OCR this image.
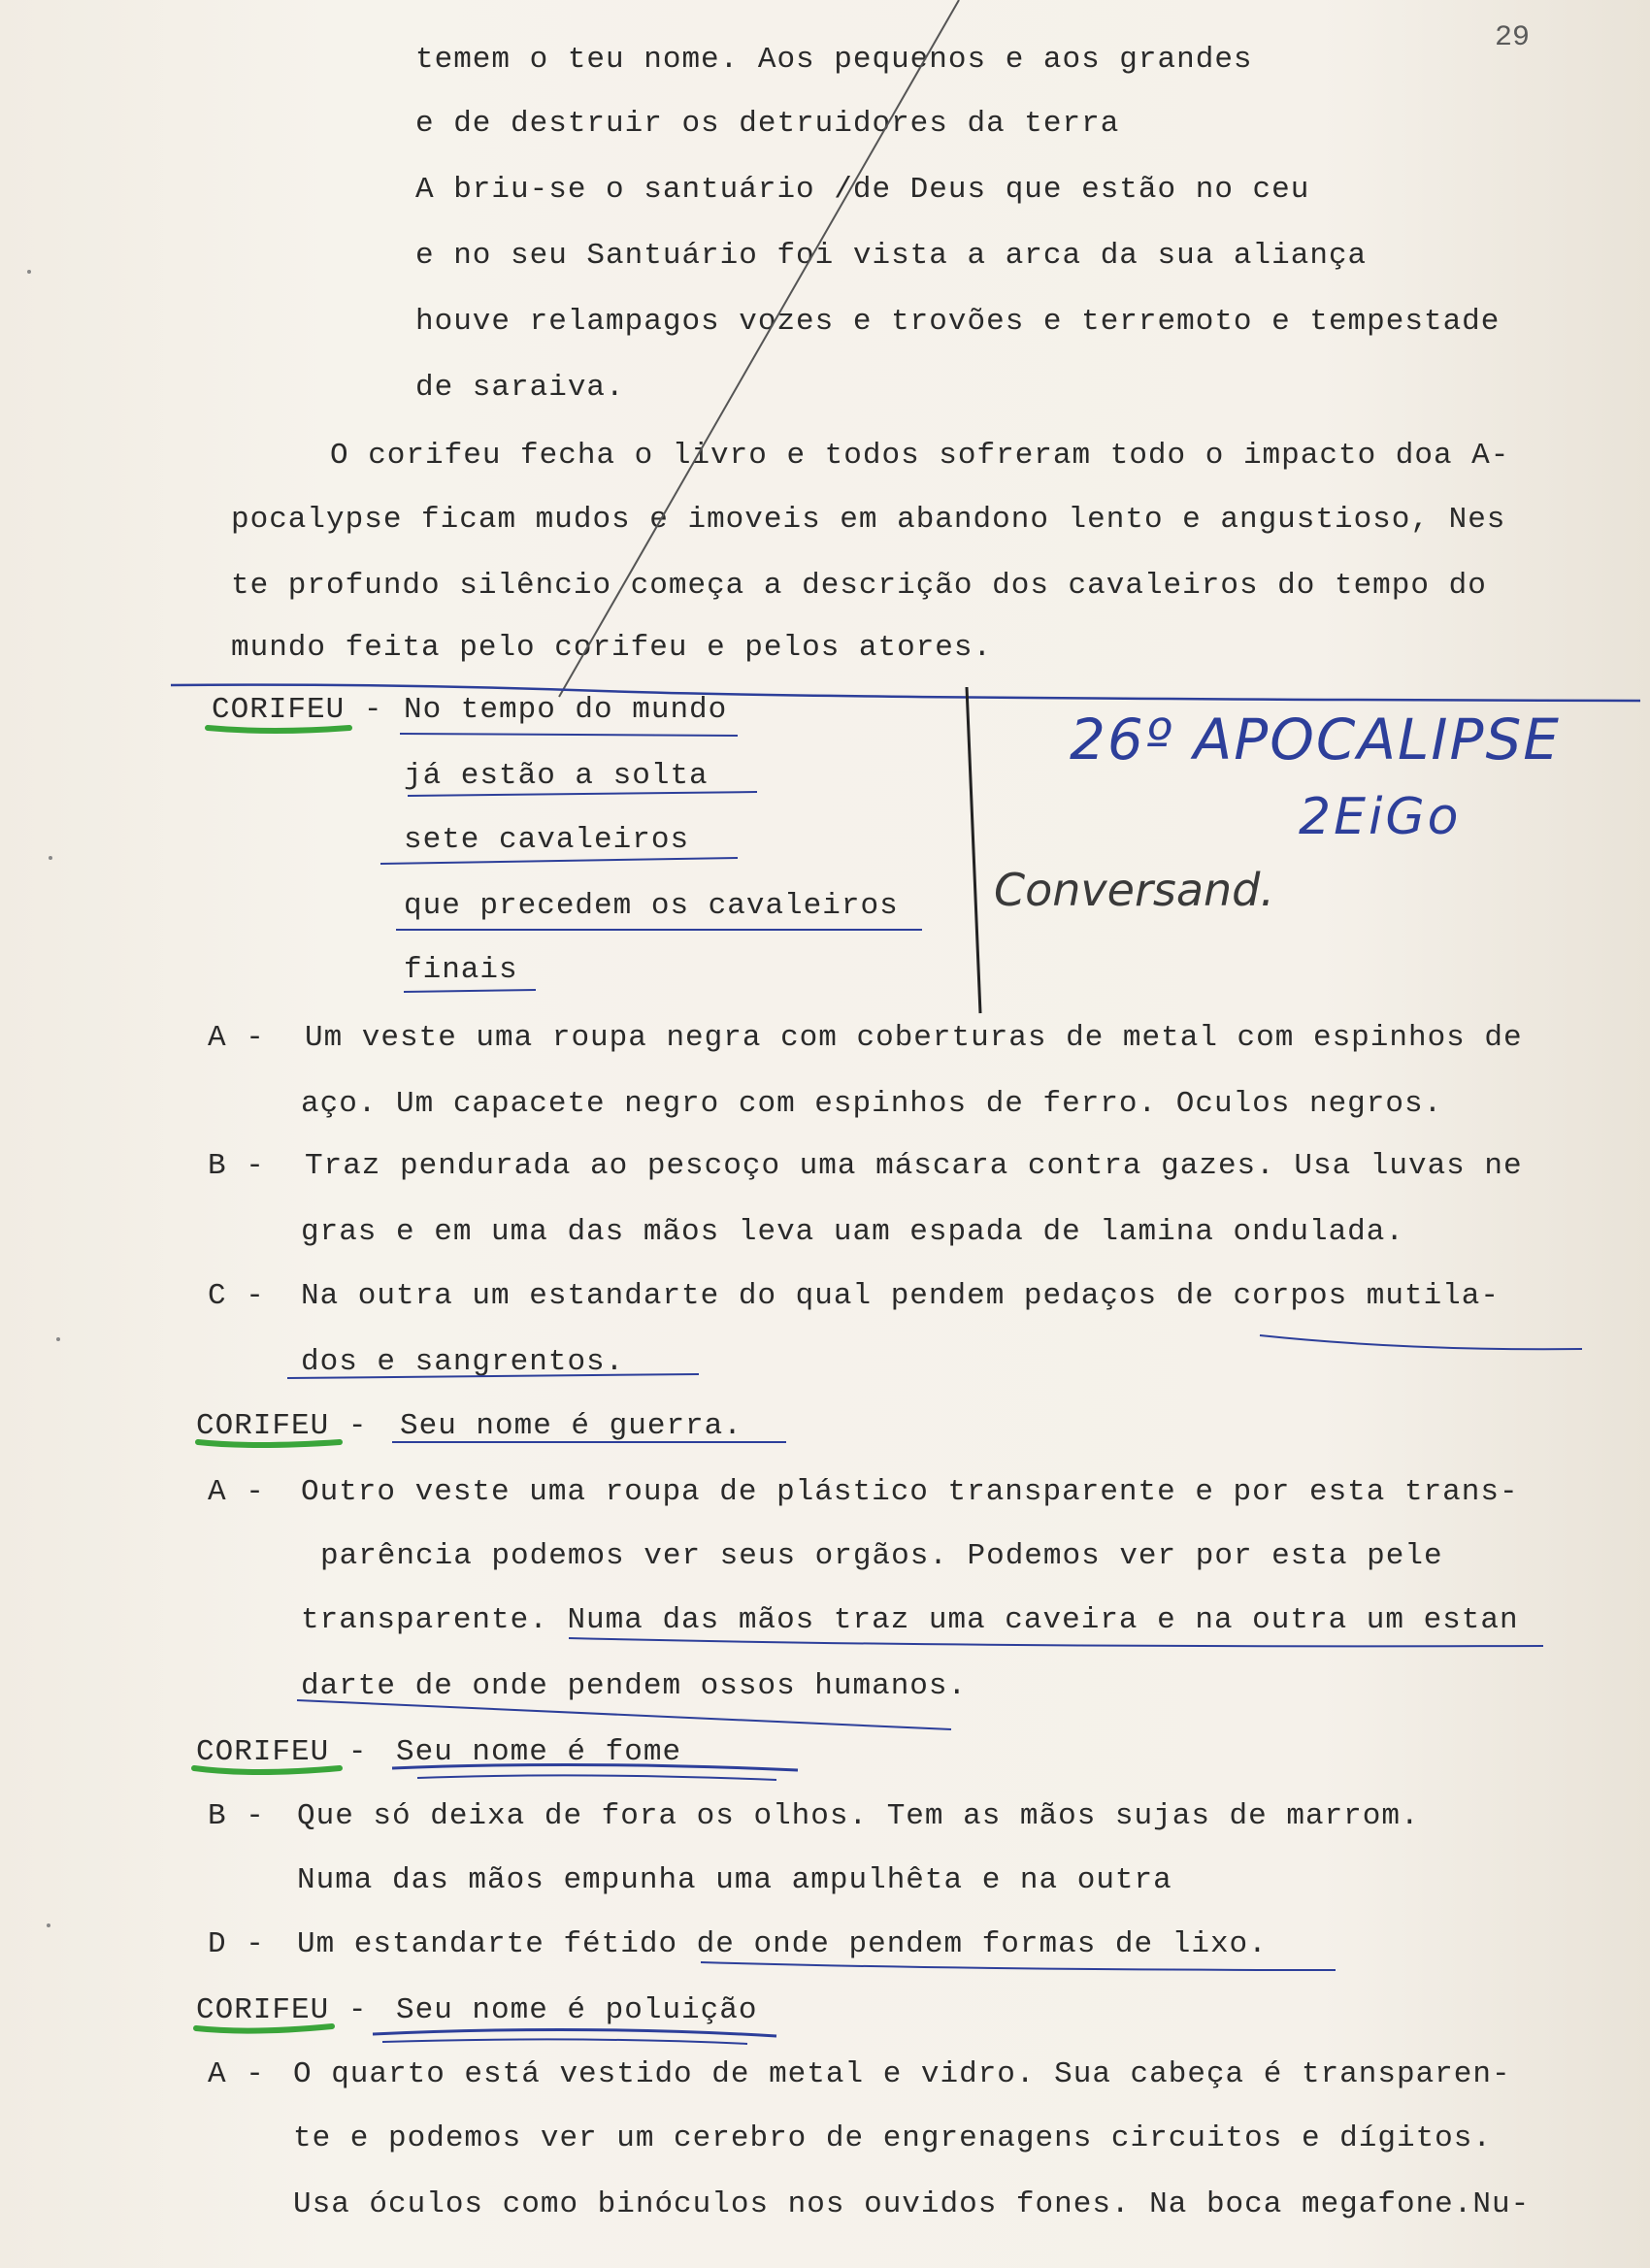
29
temem o teu nome. Aos pequenos e aos grandes
e de destruir os detruidores da terra
A briu-se o santuário /de Deus que estão no ceu
e no seu Santuário foi vista a arca da sua aliança
houve relampagos vozes e trovões e terremoto e tempestade
de saraiva.
O corifeu fecha o livro e todos sofreram todo o impacto doa A-
pocalypse ficam mudos e imoveis em abandono lento e angustioso, Nes
te profundo silêncio começa a descrição dos cavaleiros do tempo do
mundo feita pelo corifeu e pelos atores.
CORIFEU - No tempo do mundo
já estão a solta
sete cavaleiros
que precedem os cavaleiros
finais
26º APOCALIPSE
2EiGo
Conversand.
A - Um veste uma roupa negra com coberturas de metal com espinhos de
aço. Um capacete negro com espinhos de ferro. Oculos negros.
B - Traz pendurada ao pescoço uma máscara contra gazes. Usa luvas ne
gras e em uma das mãos leva uam espada de lamina ondulada.
C - Na outra um estandarte do qual pendem pedaços de corpos mutila-
dos e sangrentos.
CORIFEU - Seu nome é guerra.
A - Outro veste uma roupa de plástico transparente e por esta trans-
parência podemos ver seus orgãos. Podemos ver por esta pele
transparente. Numa das mãos traz uma caveira e na outra um estan
darte de onde pendem ossos humanos.
CORIFEU - Seu nome é fome
B - Que só deixa de fora os olhos. Tem as mãos sujas de marrom.
Numa das mãos empunha uma ampulhêta e na outra
D - Um estandarte fétido de onde pendem formas de lixo.
CORIFEU - Seu nome é poluição
A - O quarto está vestido de metal e vidro. Sua cabeça é transparen-
te e podemos ver um cerebro de engrenagens circuitos e dígitos.
Usa óculos como binóculos nos ouvidos fones. Na boca megafone.Nu-
